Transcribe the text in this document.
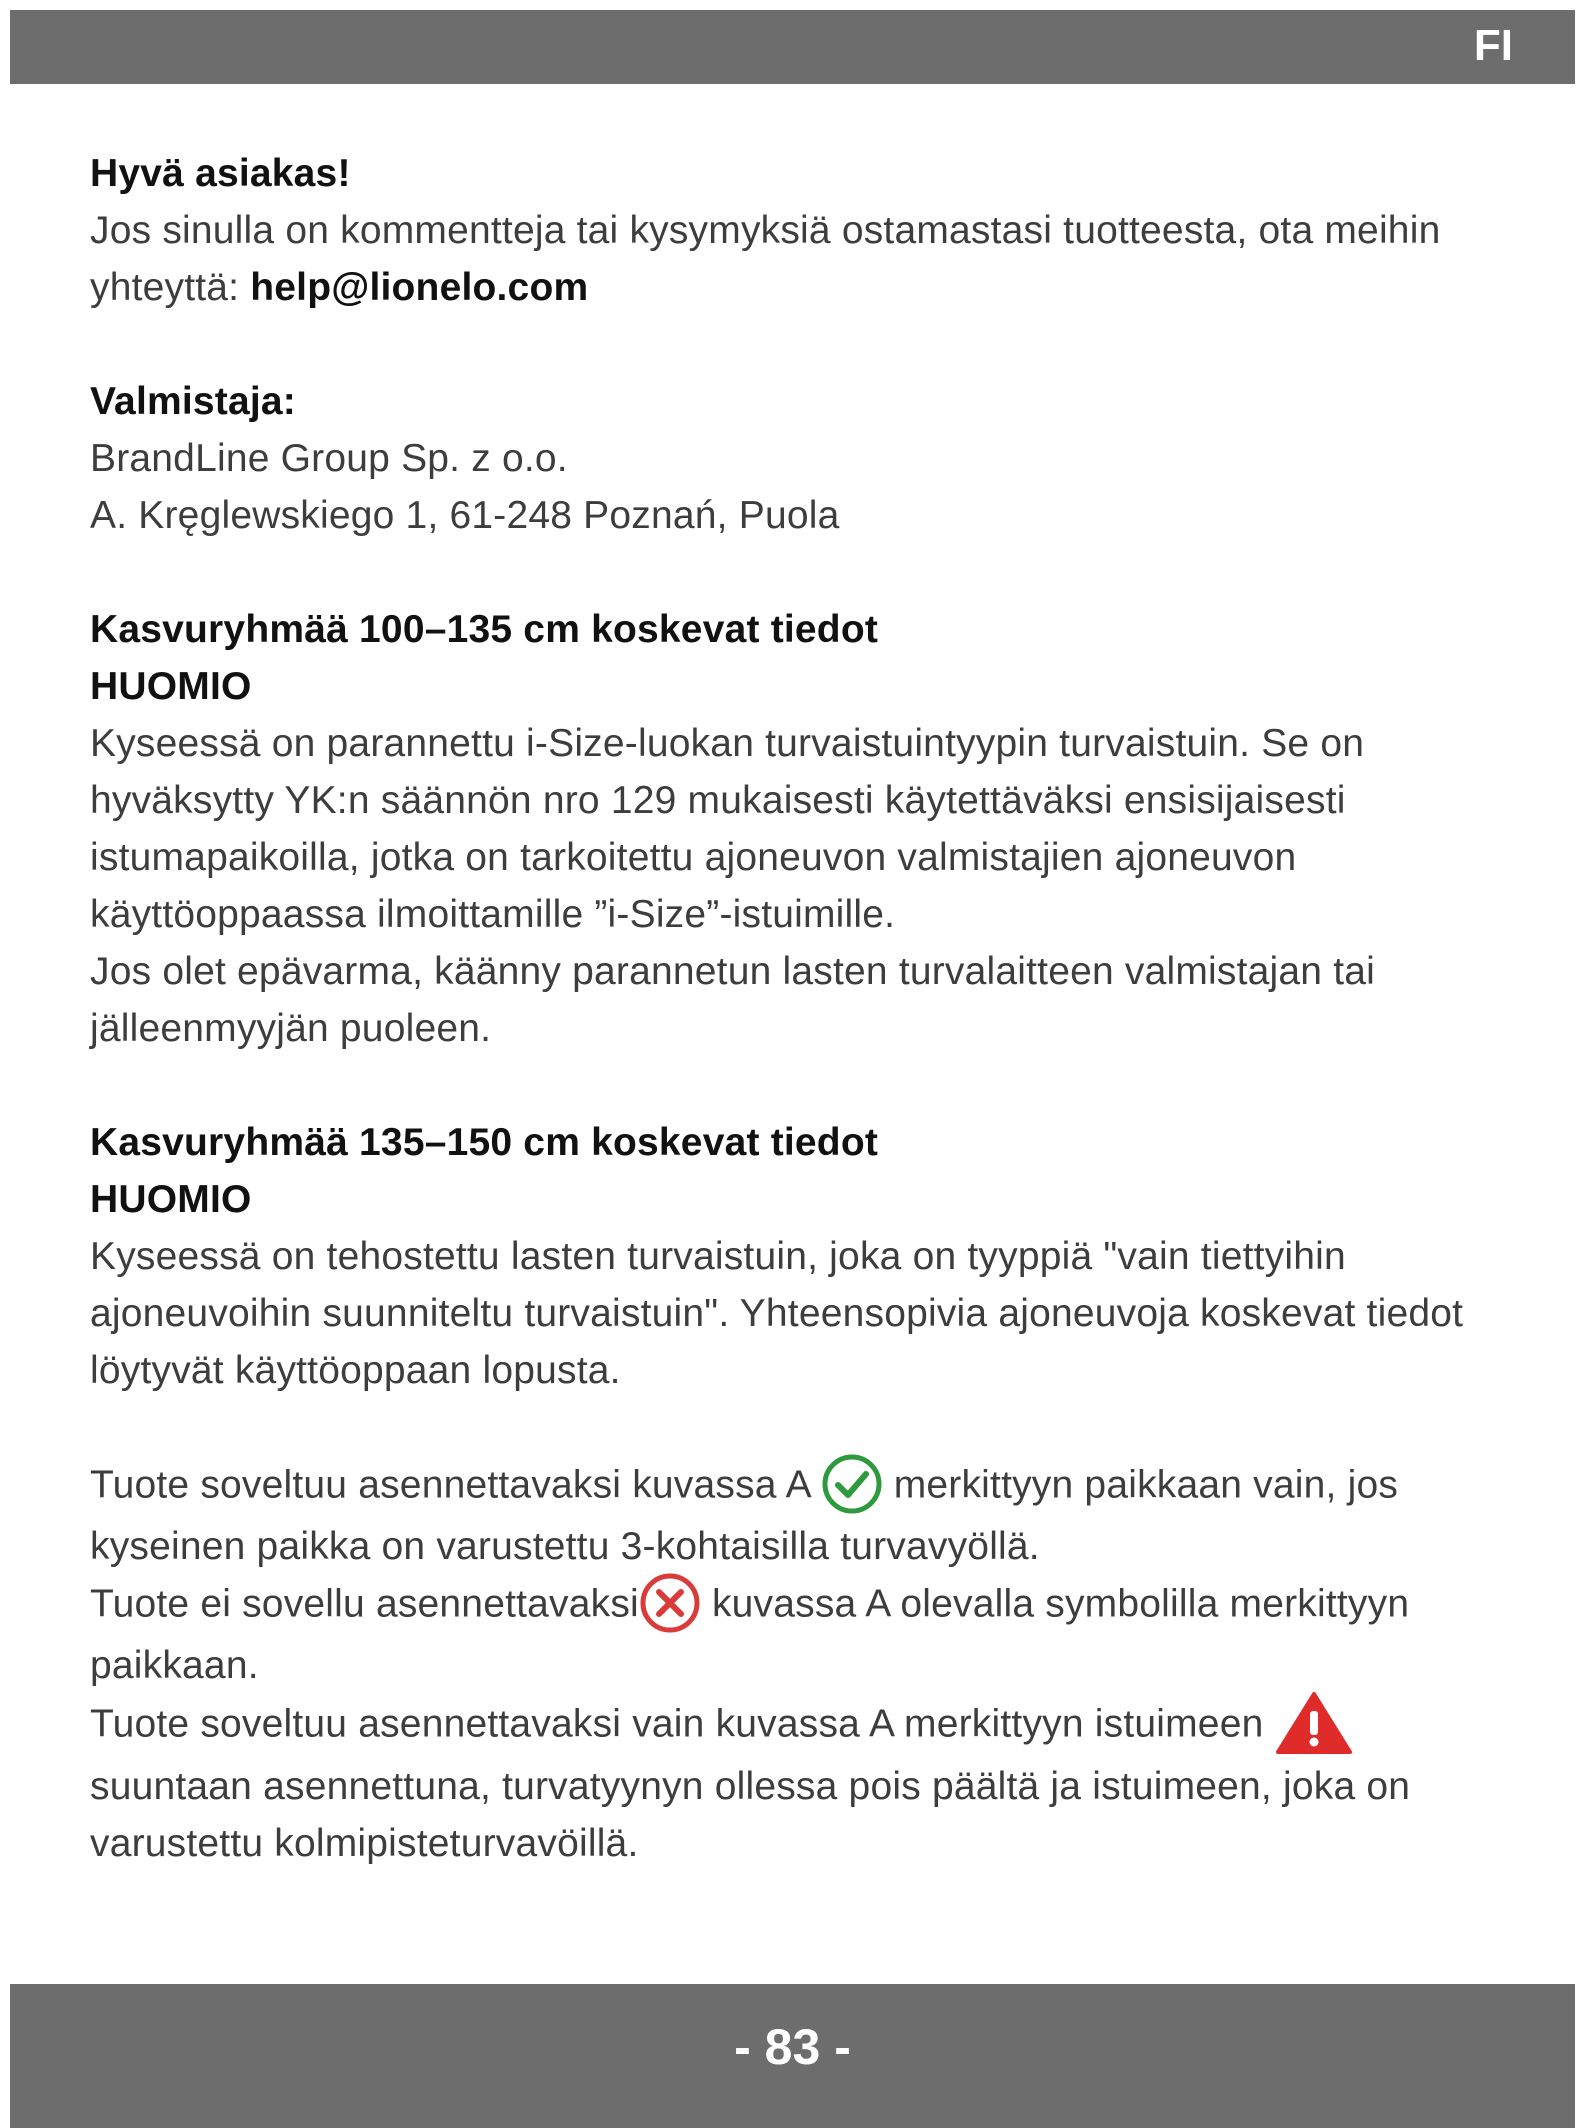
FI

Hyvä asiakas!

Jos sinulla on kommentteja tai kysymyksiä ostamastasi tuotteesta, ota meihin yhteyttä: help@lionelo.com

Valmistaja:

BrandLine Group Sp. z o.o.

A. Kręglewskiego 1, 61-248 Poznań, Puola

Kasvuryhmää 100–135 cm koskevat tiedot

HUOMIO

Kyseessä on parannettu i-Size-luokan turvaistuintyypin turvaistuin. Se on hyväksytty YK:n säännön nro 129 mukaisesti käytettäväksi ensisijaisesti istumapaikoilla, jotka on tarkoitettu ajoneuvon valmistajien ajoneuvon käyttöoppaassa ilmoittamille ”i-Size”-istuimille.

Jos olet epävarma, käänny parannetun lasten turvalaitteen valmistajan tai jälleenmyyjän puoleen.

Kasvuryhmää 135–150 cm koskevat tiedot

HUOMIO

Kyseessä on tehostettu lasten turvaistuin, joka on tyyppiä "vain tiettyihin ajoneuvoihin suunniteltu turvaistuin". Yhteensopivia ajoneuvoja koskevat tiedot löytyvät käyttöoppaan lopusta.

Tuote soveltuu asennettavaksi kuvassa A
merkittyyn paikkaan vain, jos kyseinen paikka on varustettu 3-kohtaisilla turvavyöllä.

Tuote ei sovellu asennettavaksi
kuvassa A olevalla symbolilla merkittyyn paikkaan.

Tuote soveltuu asennettavaksi vain kuvassa A merkittyyn istuimeen
suuntaan asennettuna, turvatyynyn ollessa pois päältä ja istuimeen, joka on varustettu kolmipisteturvavöillä.

- 83 -
